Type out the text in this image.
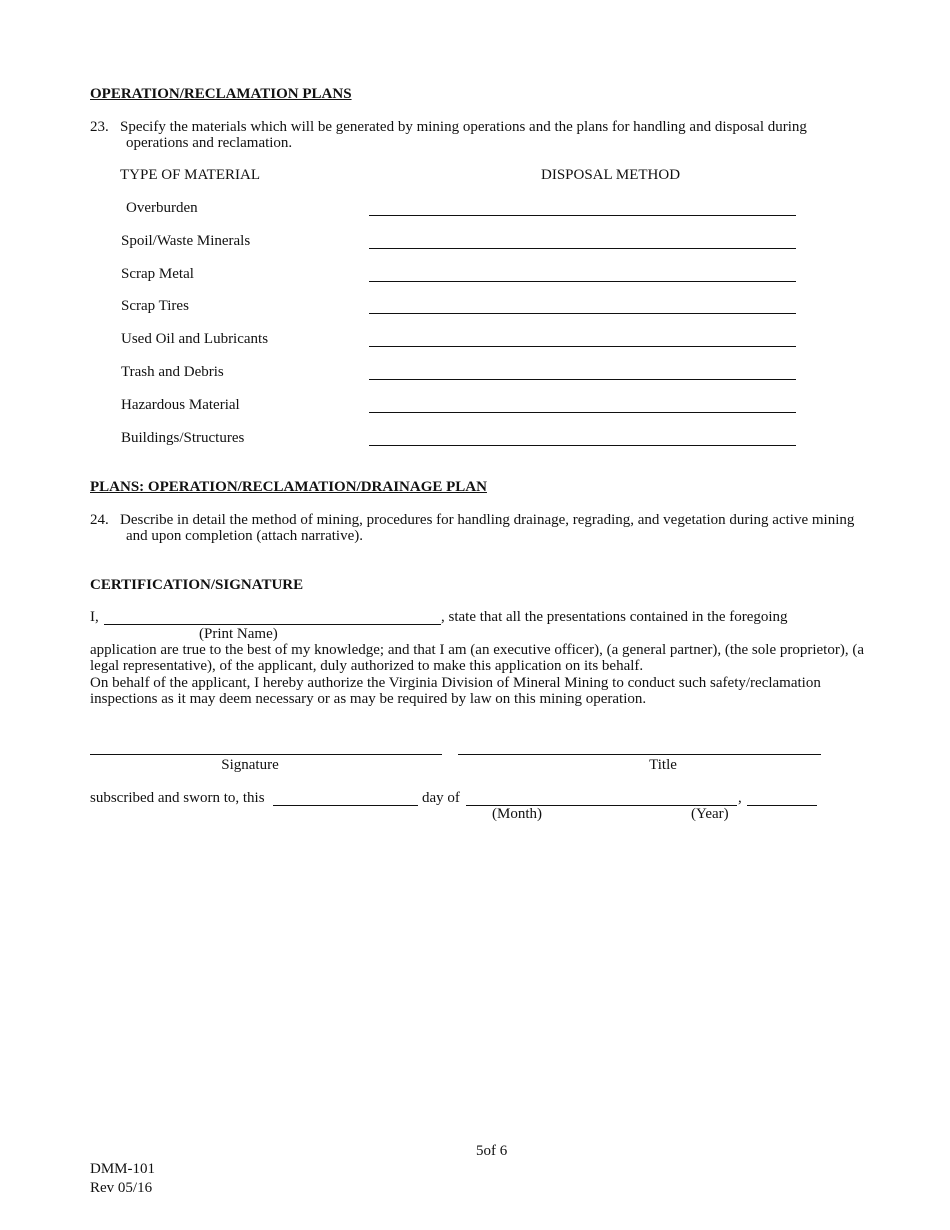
OPERATION/RECLAMATION PLANS
23. Specify the materials which will be generated by mining operations and the plans for handling and disposal during
operations and reclamation.
TYPE OF MATERIAL	DISPOSAL METHOD
Overburden
Spoil/Waste Minerals
Scrap Metal
Scrap Tires
Used Oil and Lubricants
Trash and Debris
Hazardous Material
Buildings/Structures
PLANS: OPERATION/RECLAMATION/DRAINAGE PLAN
24. Describe in detail the method of mining, procedures for handling drainage, regrading, and vegetation during active mining
and upon completion (attach narrative).
CERTIFICATION/SIGNATURE
I,	, state that all the presentations contained in the foregoing
(Print Name)
application are true to the best of my knowledge; and that I am (an executive officer), (a general partner), (the sole proprietor), (a
legal representative), of the applicant, duly authorized to make this application on its behalf.
On behalf of the applicant, I hereby authorize the Virginia Division of Mineral Mining to conduct such safety/reclamation
inspections as it may deem necessary or as may be required by law on this mining operation.
Signature	Title
subscribed and sworn to, this	day of	,
(Month)	(Year)
5of 6
DMM-101
Rev 05/16
